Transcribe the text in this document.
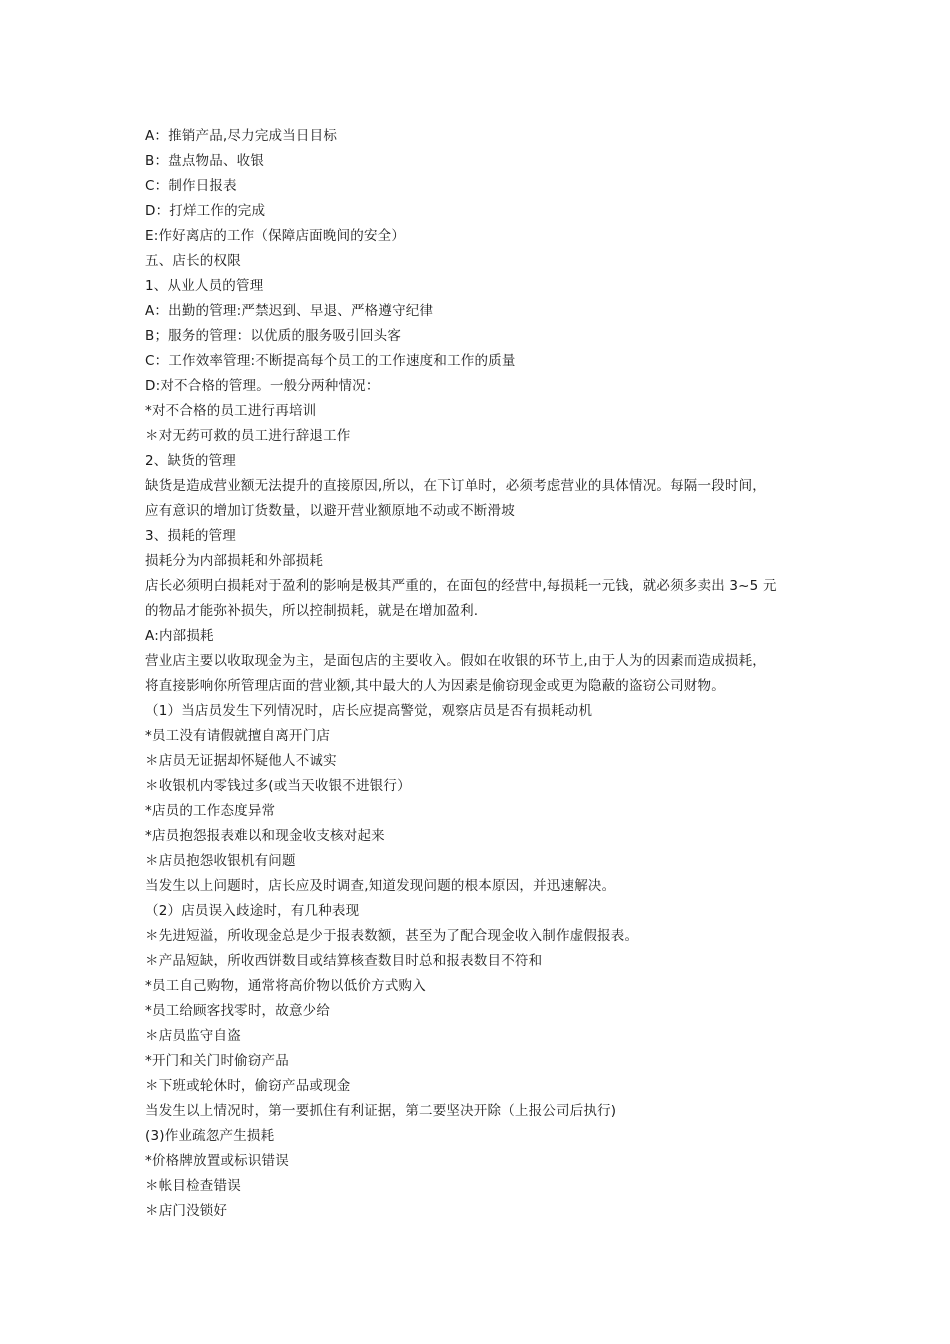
A：推销产品,尽力完成当日目标
B：盘点物品、收银
C：制作日报表
D：打烊工作的完成
E:作好离店的工作（保障店面晚间的安全）
五、店长的权限
1、从业人员的管理
A：出勤的管理:严禁迟到、早退、严格遵守纪律
B；服务的管理：以优质的服务吸引回头客
C：工作效率管理:不断提高每个员工的工作速度和工作的质量
D:对不合格的管理。一般分两种情况：
*对不合格的员工进行再培训
＊对无药可救的员工进行辞退工作
2、缺货的管理
缺货是造成营业额无法提升的直接原因,所以，在下订单时，必须考虑营业的具体情况。每隔一段时间，
应有意识的增加订货数量，以避开营业额原地不动或不断滑坡
3、损耗的管理
损耗分为内部损耗和外部损耗
店长必须明白损耗对于盈利的影响是极其严重的，在面包的经营中,每损耗一元钱，就必须多卖出 3~5 元
的物品才能弥补损失，所以控制损耗，就是在增加盈利.
A:内部损耗
营业店主要以收取现金为主，是面包店的主要收入。假如在收银的环节上,由于人为的因素而造成损耗，
将直接影响你所管理店面的营业额,其中最大的人为因素是偷窃现金或更为隐蔽的盗窃公司财物。
（1）当店员发生下列情况时，店长应提高警觉，观察店员是否有损耗动机
*员工没有请假就擅自离开门店
＊店员无证据却怀疑他人不诚实
＊收银机内零钱过多(或当天收银不进银行）
*店员的工作态度异常
*店员抱怨报表难以和现金收支核对起来
＊店员抱怨收银机有问题
当发生以上问题时，店长应及时调查,知道发现问题的根本原因，并迅速解决。
（2）店员误入歧途时，有几种表现
＊先进短溢，所收现金总是少于报表数额，甚至为了配合现金收入制作虚假报表。
＊产品短缺，所收西饼数目或结算核查数目时总和报表数目不符和
*员工自己购物，通常将高价物以低价方式购入
*员工给顾客找零时，故意少给
＊店员监守自盗
*开门和关门时偷窃产品
＊下班或轮休时，偷窃产品或现金
当发生以上情况时，第一要抓住有利证据，第二要坚决开除（上报公司后执行)
(3)作业疏忽产生损耗
*价格牌放置或标识错误
＊帐目检查错误
＊店门没锁好
